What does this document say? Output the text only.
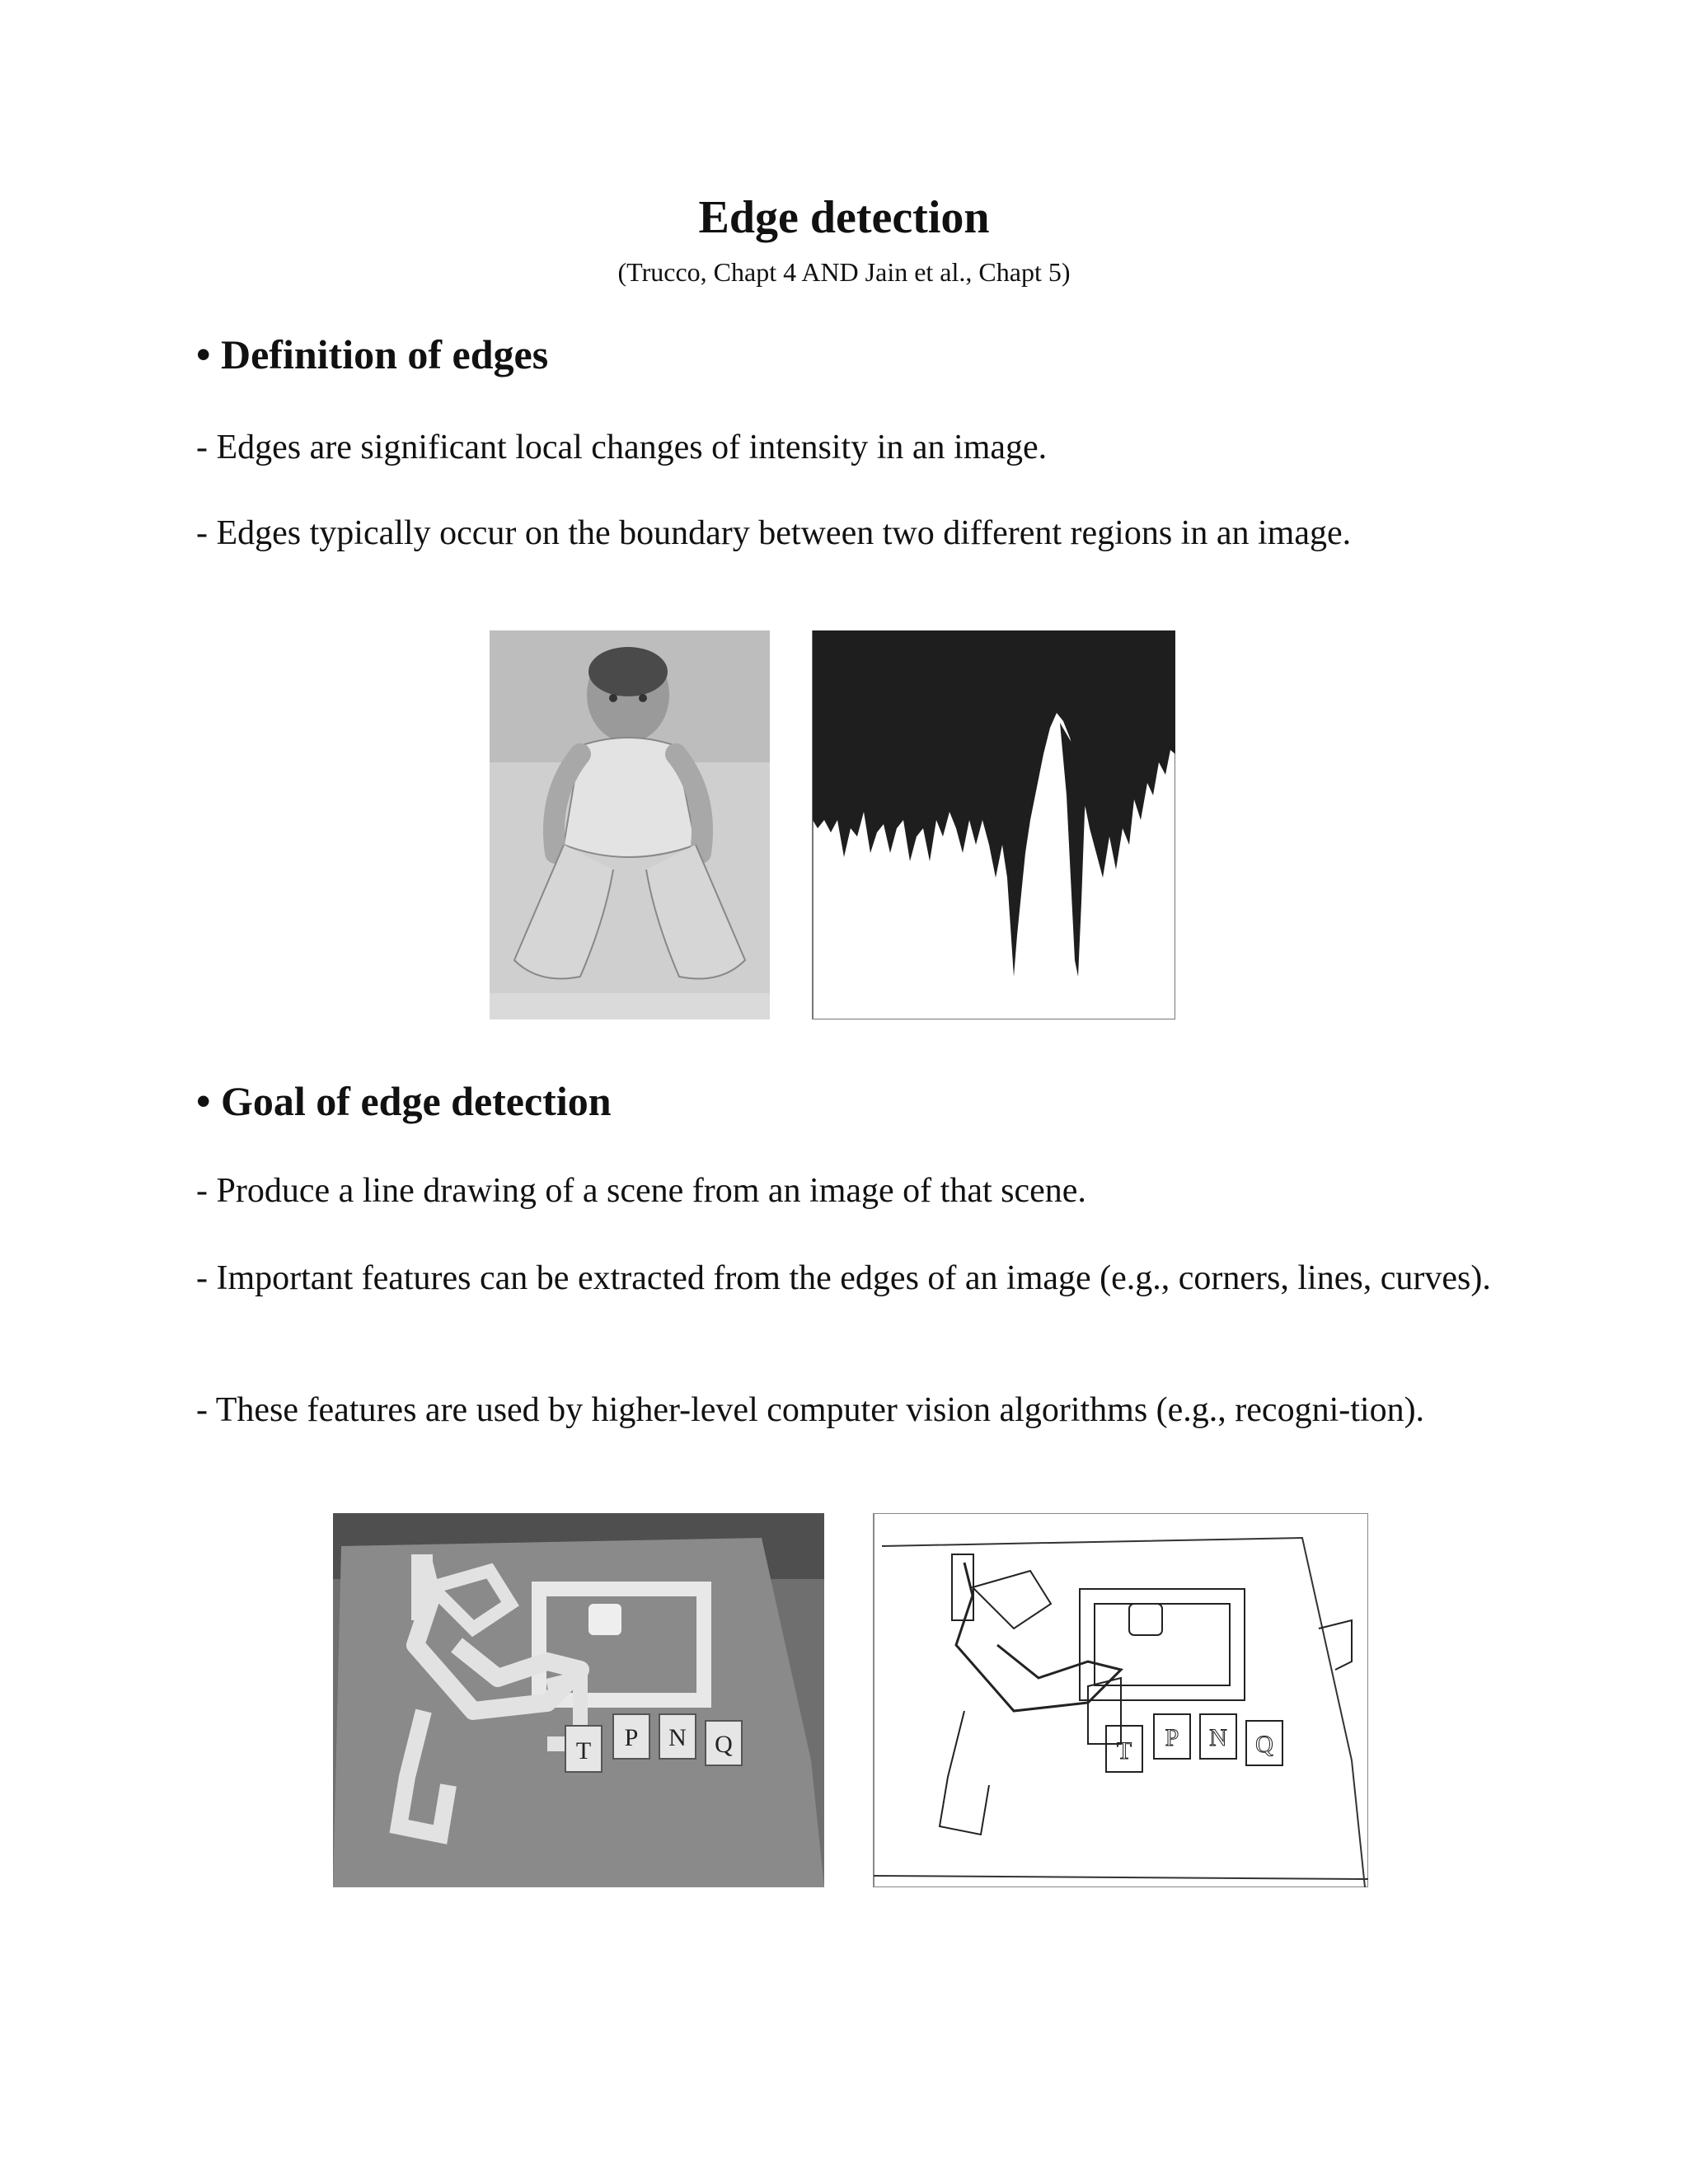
Edge detection
(Trucco, Chapt 4 AND Jain et al., Chapt 5)
• Definition of edges
- Edges are significant local changes of intensity in an image.
- Edges typically occur on the boundary between two different regions in an image.
• Goal of edge detection
- Produce a line drawing of a scene from an image of that scene.
- Important features can be extracted from the edges of an image (e.g., corners, lines, curves).
- These features are used by higher-level computer vision algorithms (e.g., recogni-tion).
T P N Q	T P N Q
